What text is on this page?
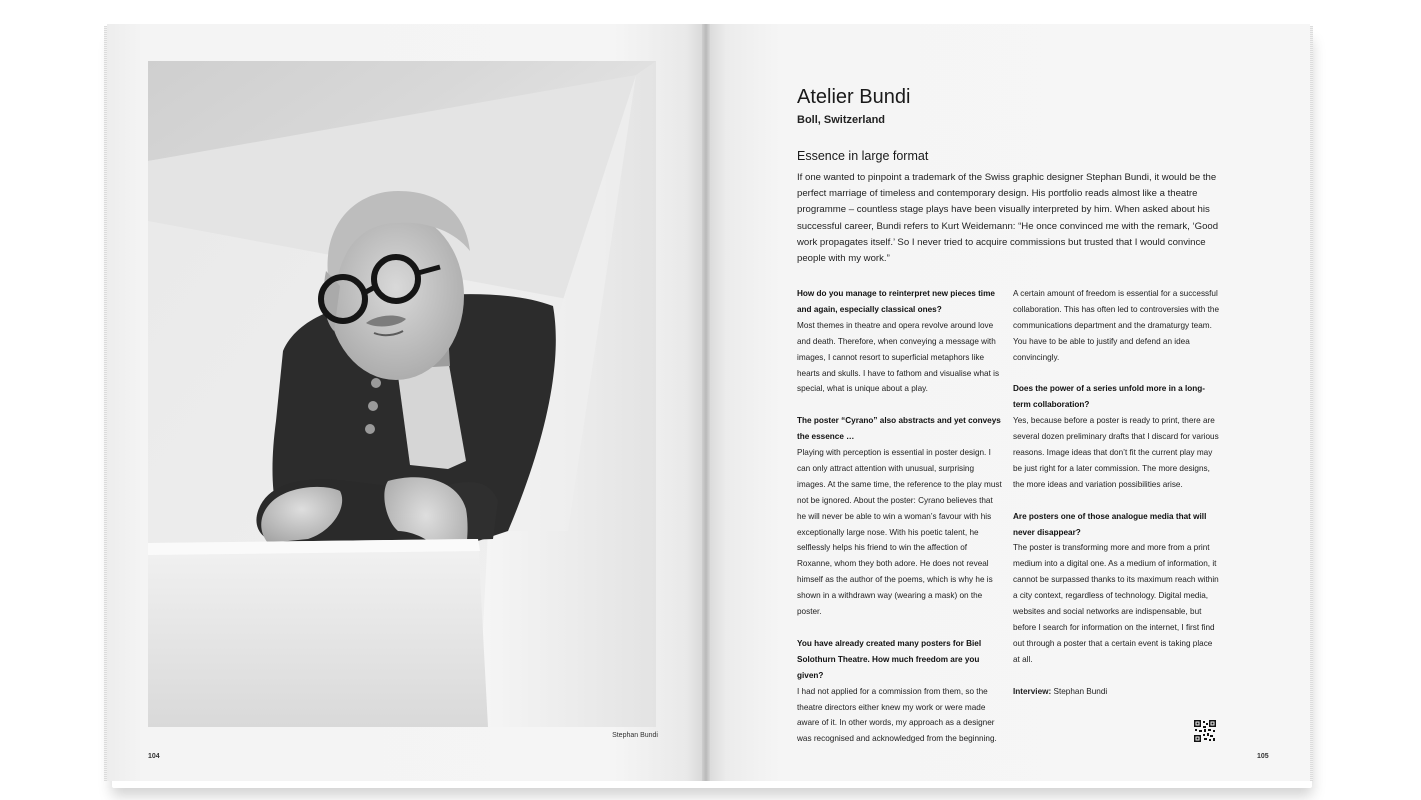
Stephan Bundi
104
Atelier Bundi
Boll, Switzerland
Essence in large format

If one wanted to pinpoint a trademark of the Swiss graphic designer Stephan Bundi, it would be the perfect marriage of timeless and contemporary design. His portfolio reads almost like a theatre programme – countless stage plays have been visually interpreted by him. When asked about his successful career, Bundi refers to Kurt Weidemann: “He once convinced me with the remark, ‘Good work propagates itself.’ So I never tried to acquire commissions but trusted that I would convince people with my work.”

How do you manage to reinterpret new pieces time and again, especially classical ones?

Most themes in theatre and opera revolve around love and death. Therefore, when conveying a message with images, I cannot resort to superficial metaphors like hearts and skulls. I have to fathom and visualise what is special, what is unique about a play.

The poster “Cyrano” also abstracts and yet conveys the essence …

Playing with perception is essential in poster design. I can only attract attention with unusual, surprising images. At the same time, the reference to the play must not be ignored. About the poster: Cyrano believes that he will never be able to win a woman’s favour with his exceptionally large nose. With his poetic talent, he selflessly helps his friend to win the affection of Roxanne, whom they both adore. He does not reveal himself as the author of the poems, which is why he is shown in a withdrawn way (wearing a mask) on the poster.

You have already created many posters for Biel Solothurn Theatre. How much freedom are you given?

I had not applied for a commission from them, so the theatre directors either knew my work or were made aware of it. In other words, my approach as a designer was recognised and acknowledged from the beginning.

A certain amount of freedom is essential for a successful collaboration. This has often led to controversies with the communications department and the dramaturgy team. You have to be able to justify and defend an idea convincingly.

Does the power of a series unfold more in a long-term collaboration?

Yes, because before a poster is ready to print, there are several dozen preliminary drafts that I discard for various reasons. Image ideas that don’t fit the current play may be just right for a later commission. The more designs, the more ideas and variation possibilities arise.

Are posters one of those analogue media that will never disappear?

The poster is transforming more and more from a print medium into a digital one. As a medium of information, it cannot be surpassed thanks to its maximum reach within a city context, regardless of technology. Digital media, websites and social networks are indispensable, but before I search for information on the internet, I first find out through a poster that a certain event is taking place at all.

Interview: Stephan Bundi

105
